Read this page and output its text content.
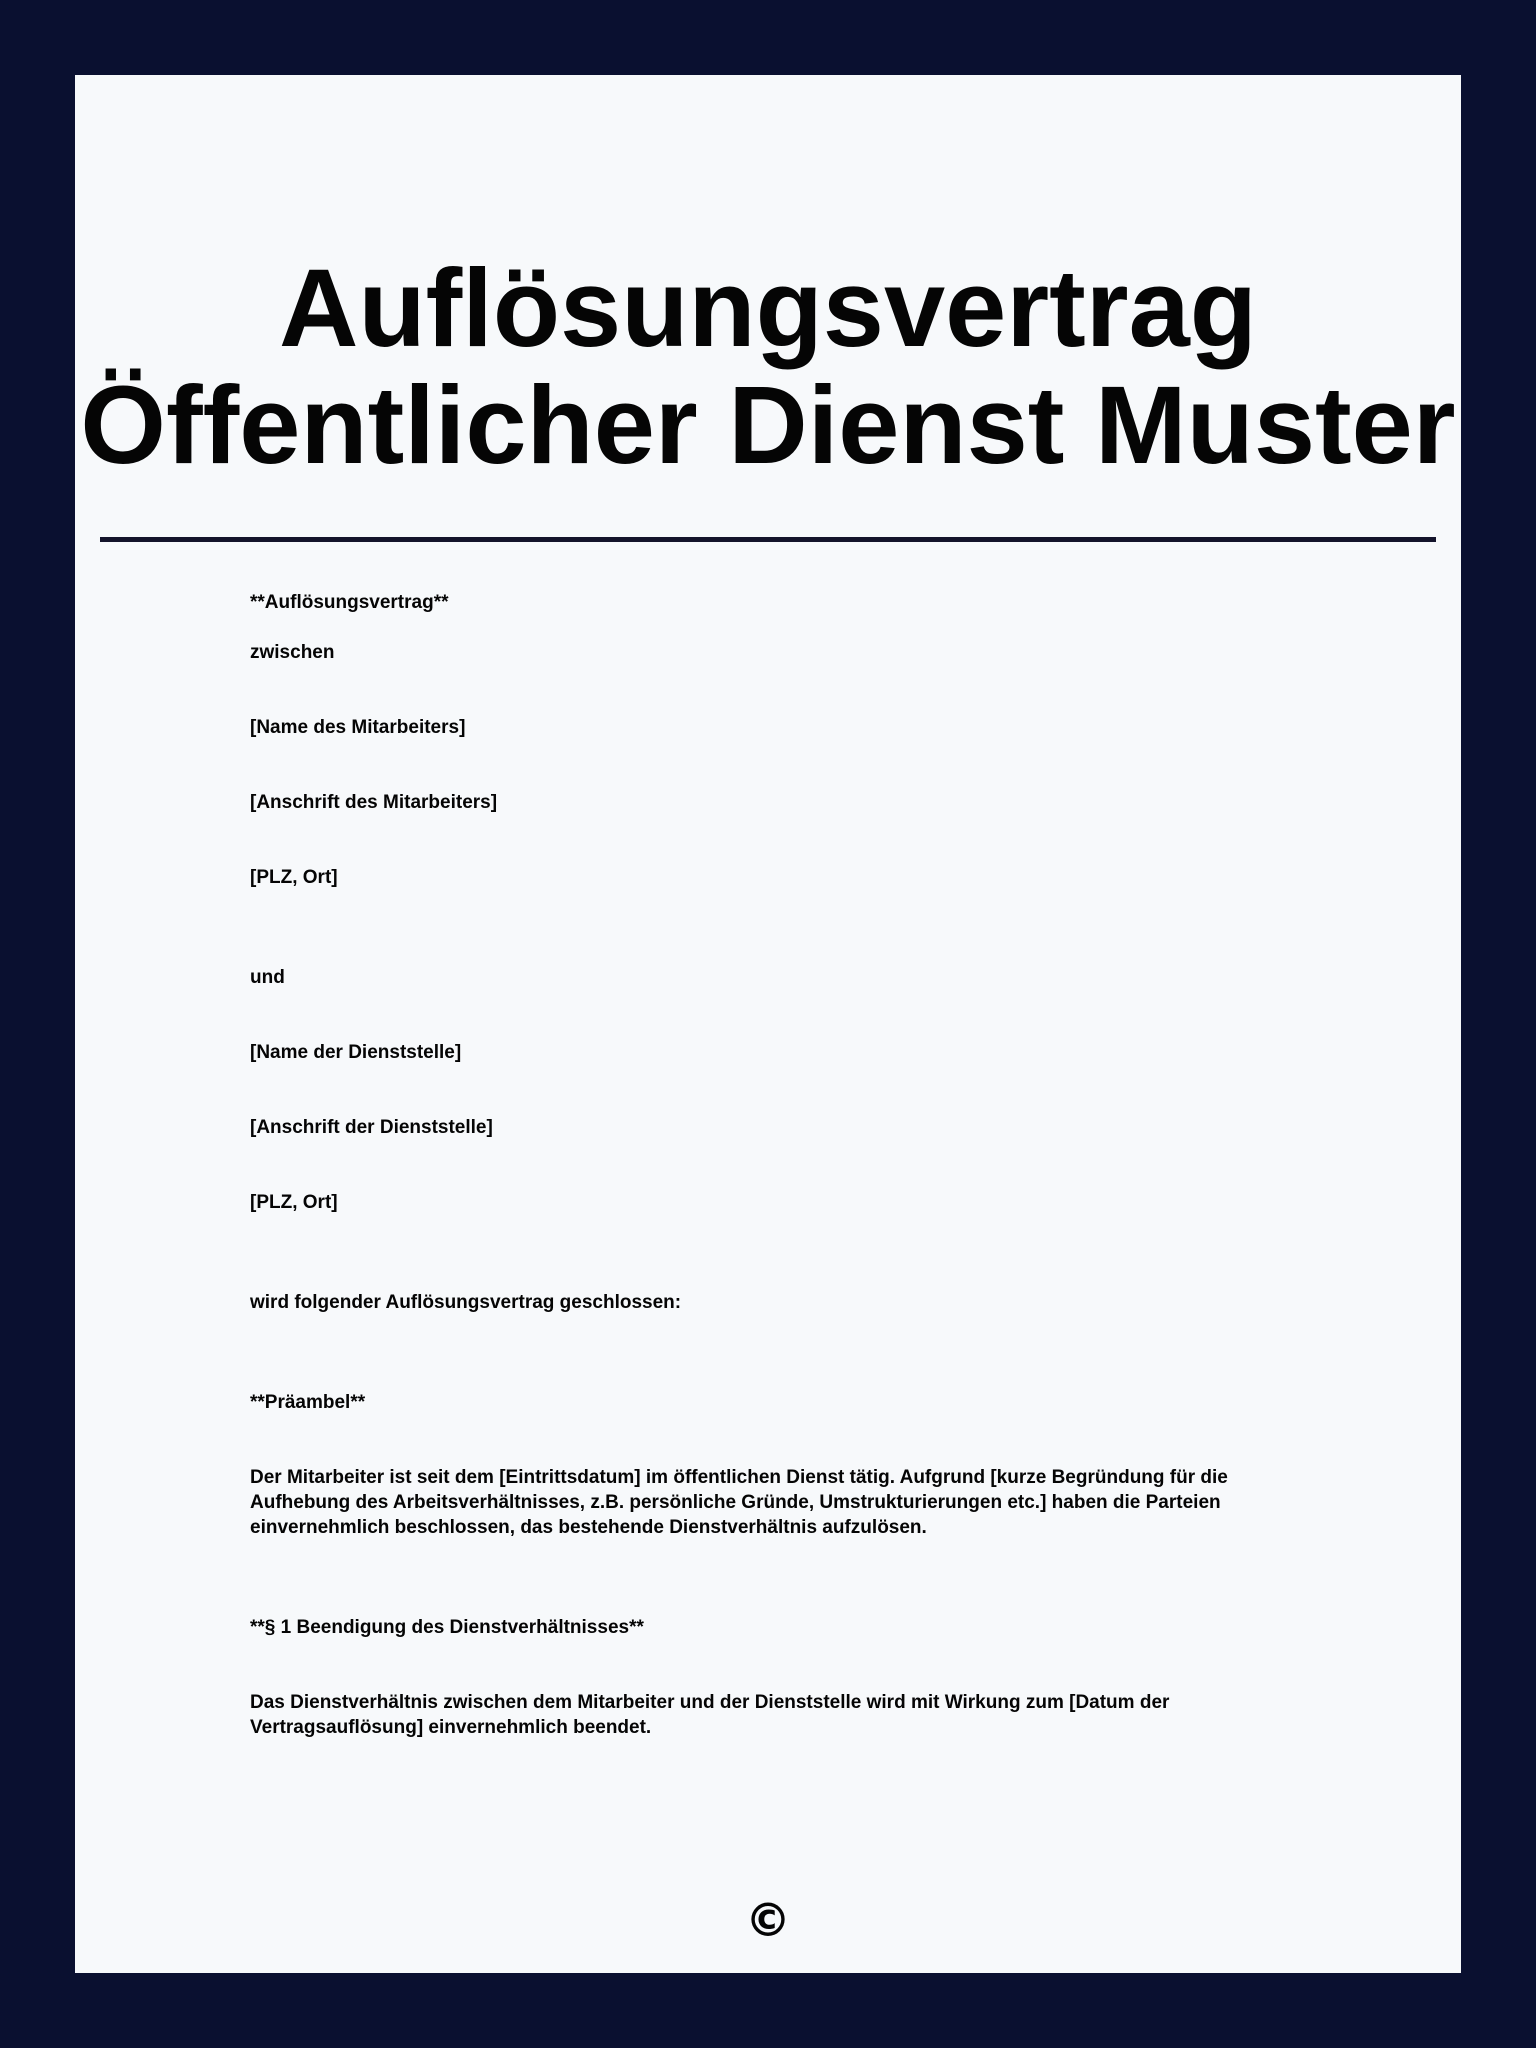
Auflösungsvertrag
Öffentlicher Dienst Muster

**Auflösungsvertrag**

zwischen

[Name des Mitarbeiters]

[Anschrift des Mitarbeiters]

[PLZ, Ort]

und

[Name der Dienststelle]

[Anschrift der Dienststelle]

[PLZ, Ort]

wird folgender Auflösungsvertrag geschlossen:

**Präambel**

Der Mitarbeiter ist seit dem [Eintrittsdatum] im öffentlichen Dienst tätig. Aufgrund [kurze Begründung für die Aufhebung des Arbeitsverhältnisses, z.B. persönliche Gründe, Umstrukturierungen etc.] haben die Parteien einvernehmlich beschlossen, das bestehende Dienstverhältnis aufzulösen.

**§ 1 Beendigung des Dienstverhältnisses**

Das Dienstverhältnis zwischen dem Mitarbeiter und der Dienststelle wird mit Wirkung zum [Datum der Vertragsauflösung] einvernehmlich beendet.

©
